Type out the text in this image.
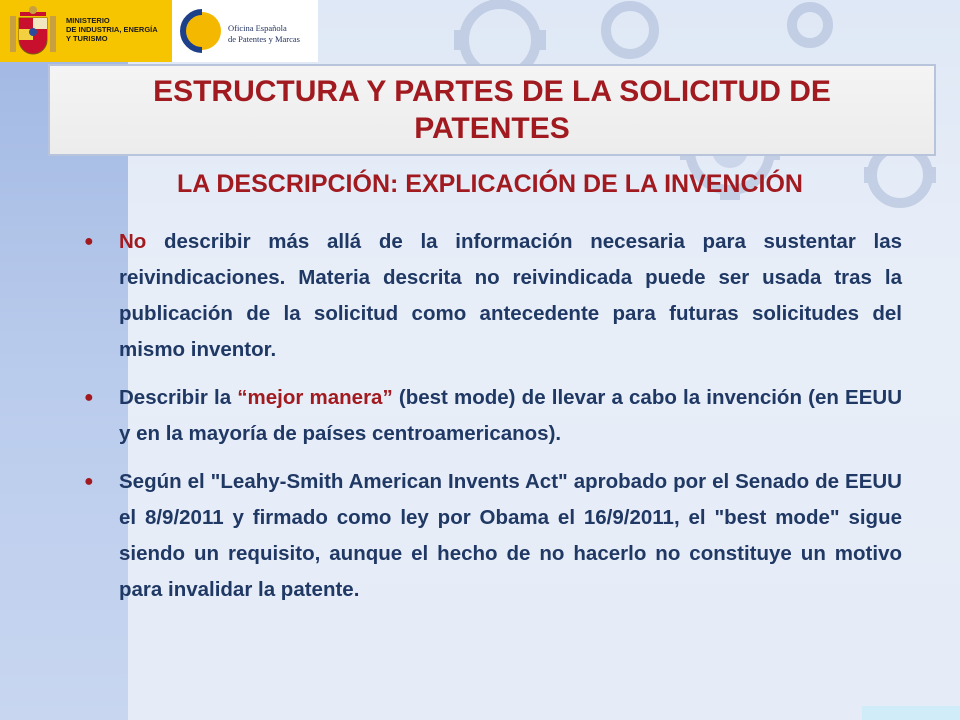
MINISTERIO
DE INDUSTRIA, ENERGÍA
Y TURISMO
Oficina Española
de Patentes y Marcas
ESTRUCTURA Y PARTES DE LA SOLICITUD DE PATENTES
LA DESCRIPCIÓN: EXPLICACIÓN DE LA INVENCIÓN
● No describir más allá de la información necesaria para sustentar las reivindicaciones. Materia descrita no reivindicada puede ser usada tras la publicación de la solicitud como antecedente para futuras solicitudes del mismo inventor.
● Describir la “mejor manera” (best mode) de llevar a cabo la invención (en EEUU y en la mayoría de países centroamericanos).
● Según el "Leahy-Smith American Invents Act" aprobado por el Senado de EEUU el 8/9/2011 y firmado como ley por Obama el 16/9/2011, el "best mode" sigue siendo un requisito, aunque el hecho de no hacerlo no constituye un motivo para invalidar la patente.
